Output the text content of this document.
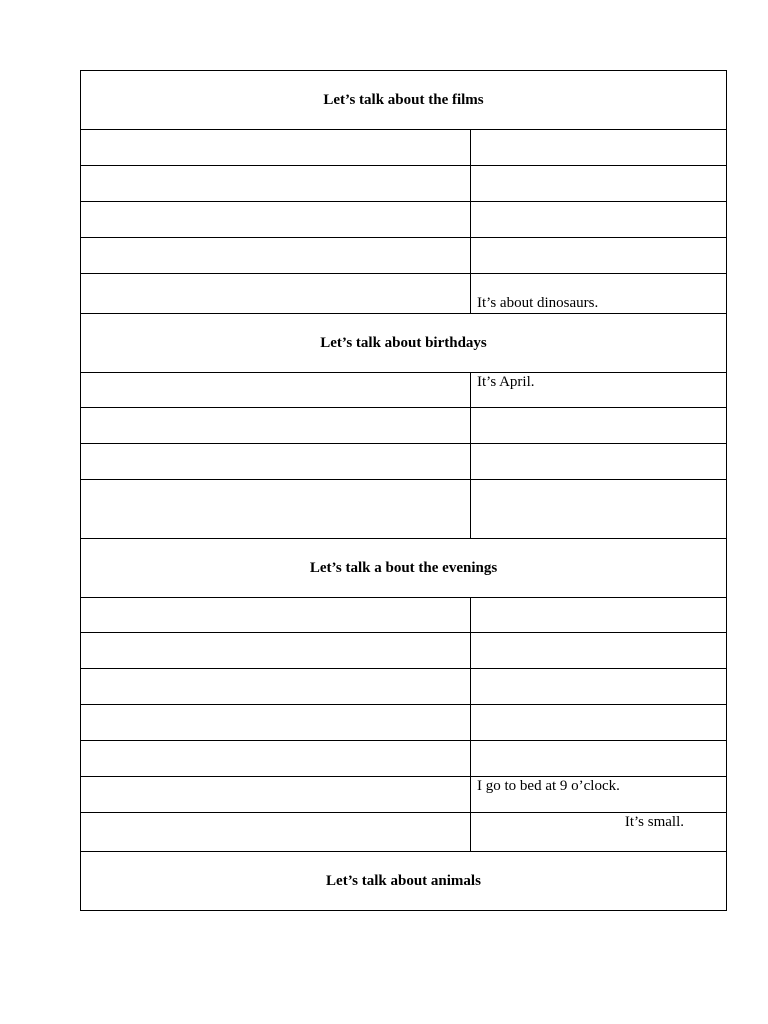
Let’s talk about the films	

	It’s about dinosaurs.
Let’s talk about birthdays	
	It’s April.

Let’s talk a bout the evenings	

	I go to bed at 9 o’clock.
	It’s small.
Let’s talk about animals	
